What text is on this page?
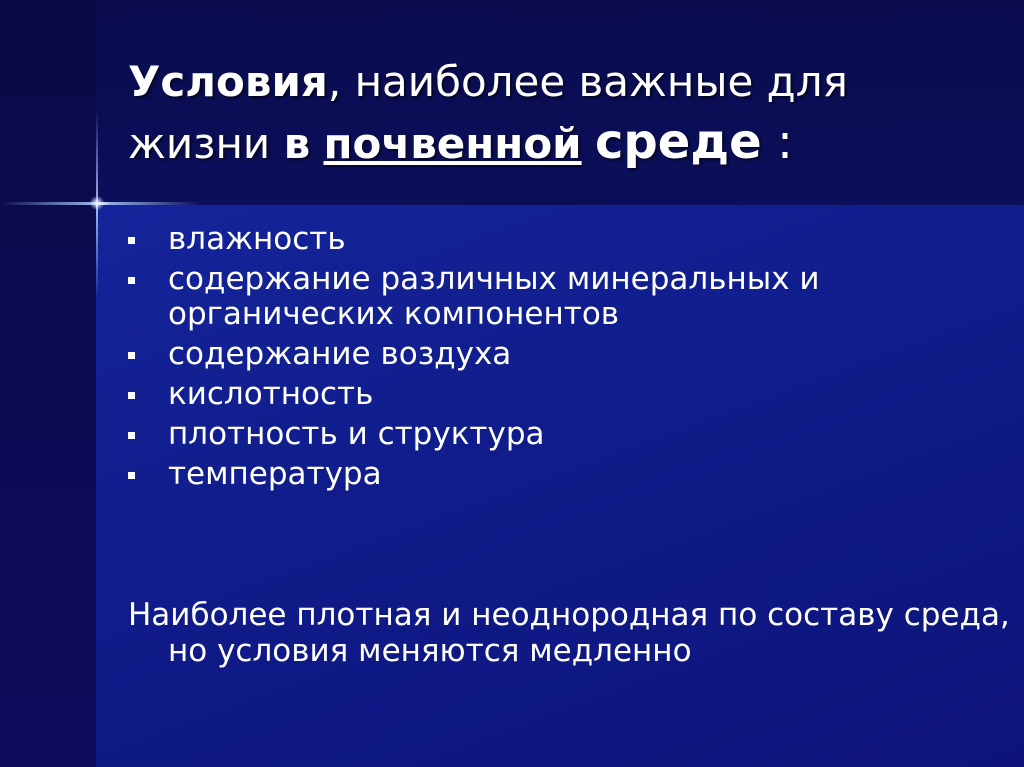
Условия, наиболее важные для жизни в почвенной среде :
влажность
содержание различных минеральных и органических компонентов
содержание воздуха
кислотность
плотность и структура
температура
Наиболее плотная и неоднородная по составу среда, но условия меняются медленно
